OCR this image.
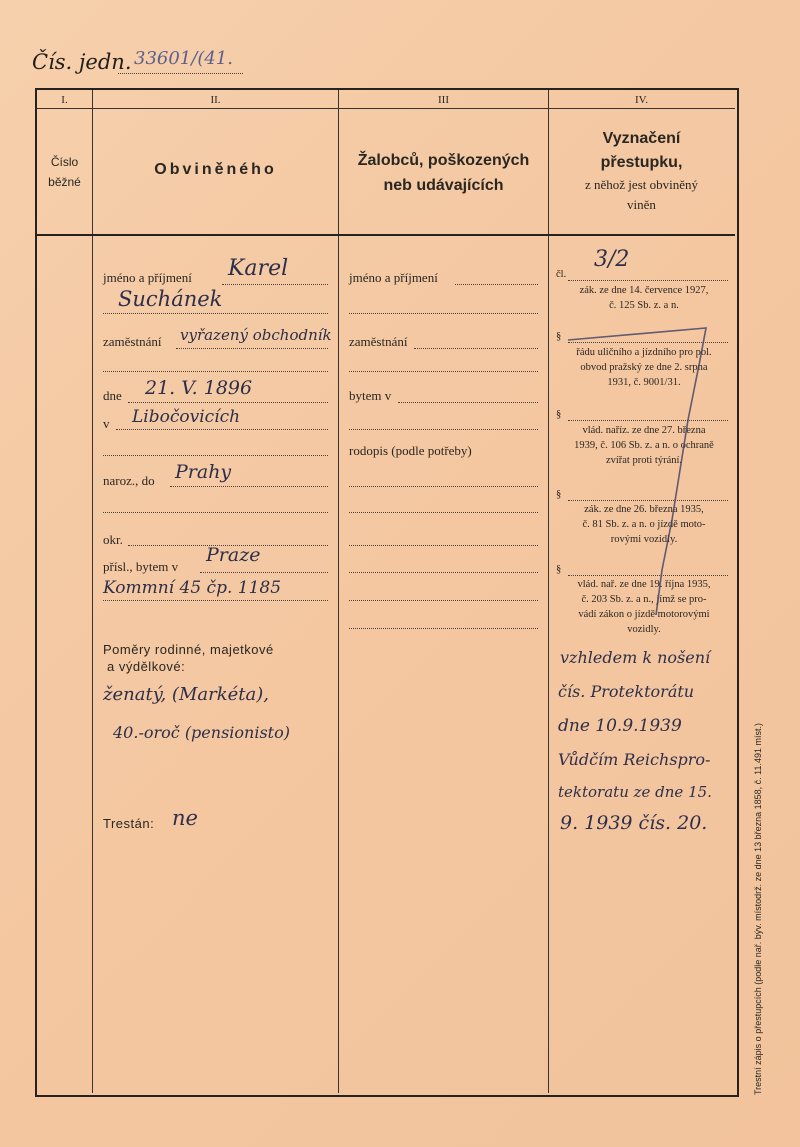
Čís. jedn. 33601/(41.
I.	II.	III	IV.
Číslo
běžné
Obviněného
Žalobců, poškozených
neb udávajících
Vyznačení
přestupku,
z něhož jest obviněný
viněn
jméno a příjmení Karel
Suchánek
zaměstnání vyřazený obchodník
dne 21. V. 1896
v Libočovicích
naroz., do Prahy
okr.
přísl., bytem v
Praze
Kommní 45 čp. 1185
Poměry rodinné, majetkové
a výdělkové:
ženatý, (Markéta),
40.-oroč (pensionisto)
Trestán: ne
jméno a příjmení
zaměstnání
bytem v
rodopis (podle potřeby)
čl.
3/2
zák. ze dne 14. července 1927,
č. 125 Sb. z. a n.
§
řádu uličního a jízdního pro pol.
obvod pražský ze dne 2. srpna
1931, č. 9001/31.
§
vlád. naříz. ze dne 27. března
1939, č. 106 Sb. z. a n. o ochraně
zvířat proti týrání.
§
zák. ze dne 26. března 1935,
č. 81 Sb. z. a n. o jízdě moto-
rovými vozidly.
§
vlád. nař. ze dne 19. října 1935,
č. 203 Sb. z. a n., jímž se pro-
vádí zákon o jízdě motorovými
vozidly.
vzhledem k nošení
čís. Protektorátu
dne 10.9.1939
Vůdčím Reichspro-
tektoratu ze dne 15.
9. 1939 čís. 20.	Trestní zápis o přestupcích (podle nař. býv. místodrž. ze dne 13 března 1858, č. 11.491 míst.)
